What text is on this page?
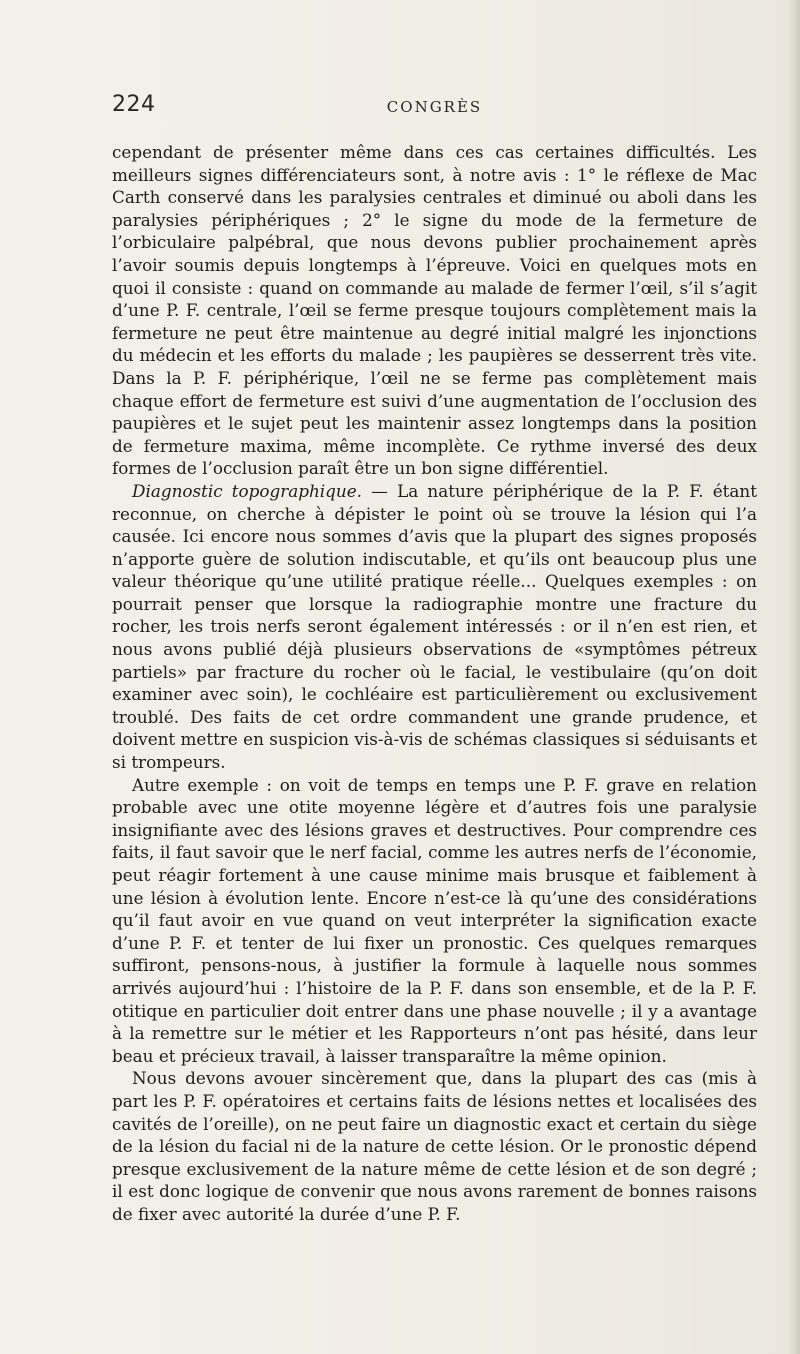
224	CONGRÈS

cependant de présenter même dans ces cas certaines difficultés. Les meilleurs signes différenciateurs sont, à notre avis : 1° le réflexe de Mac Carth conservé dans les paralysies centrales et diminué ou aboli dans les paralysies périphériques ; 2° le signe du mode de la fermeture de l’orbiculaire palpébral, que nous devons publier prochainement après l’avoir soumis depuis longtemps à l’épreuve. Voici en quelques mots en quoi il consiste : quand on commande au malade de fermer l’œil, s’il s’agit d’une P. F. centrale, l’œil se ferme presque toujours complètement mais la fermeture ne peut être maintenue au degré initial malgré les injonctions du médecin et les efforts du malade ; les paupières se desserrent très vite. Dans la P. F. périphérique, l’œil ne se ferme pas complètement mais chaque effort de fermeture est suivi d’une augmentation de l’occlusion des paupières et le sujet peut les maintenir assez longtemps dans la position de fermeture maxima, même incomplète. Ce rythme inversé des deux formes de l’occlusion paraît être un bon signe différentiel.

Diagnostic topographique. — La nature périphérique de la P. F. étant reconnue, on cherche à dépister le point où se trouve la lésion qui l’a causée. Ici encore nous sommes d’avis que la plupart des signes proposés n’apporte guère de solution indiscutable, et qu’ils ont beaucoup plus une valeur théorique qu’une utilité pratique réelle... Quelques exemples : on pourrait penser que lorsque la radiographie montre une fracture du rocher, les trois nerfs seront également intéressés : or il n’en est rien, et nous avons publié déjà plusieurs observations de «symptômes pétreux partiels» par fracture du rocher où le facial, le vestibulaire (qu’on doit examiner avec soin), le cochléaire est particulièrement ou exclusivement troublé. Des faits de cet ordre commandent une grande prudence, et doivent mettre en suspicion vis-à-vis de schémas classiques si séduisants et si trompeurs.

Autre exemple : on voit de temps en temps une P. F. grave en relation probable avec une otite moyenne légère et d’autres fois une paralysie insignifiante avec des lésions graves et destructives. Pour comprendre ces faits, il faut savoir que le nerf facial, comme les autres nerfs de l’économie, peut réagir fortement à une cause minime mais brusque et faiblement à une lésion à évolution lente. Encore n’est-ce là qu’une des considérations qu’il faut avoir en vue quand on veut interpréter la signification exacte d’une P. F. et tenter de lui fixer un pronostic. Ces quelques remarques suffiront, pensons-nous, à justifier la formule à laquelle nous sommes arrivés aujourd’hui : l’histoire de la P. F. dans son ensemble, et de la P. F. otitique en particulier doit entrer dans une phase nouvelle ; il y a avantage à la remettre sur le métier et les Rapporteurs n’ont pas hésité, dans leur beau et précieux travail, à laisser transparaître la même opinion.

Nous devons avouer sincèrement que, dans la plupart des cas (mis à part les P. F. opératoires et certains faits de lésions nettes et localisées des cavités de l’oreille), on ne peut faire un diagnostic exact et certain du siège de la lésion du facial ni de la nature de cette lésion. Or le pronostic dépend presque exclusivement de la nature même de cette lésion et de son degré ; il est donc logique de convenir que nous avons rarement de bonnes raisons de fixer avec autorité la durée d’une P. F.
